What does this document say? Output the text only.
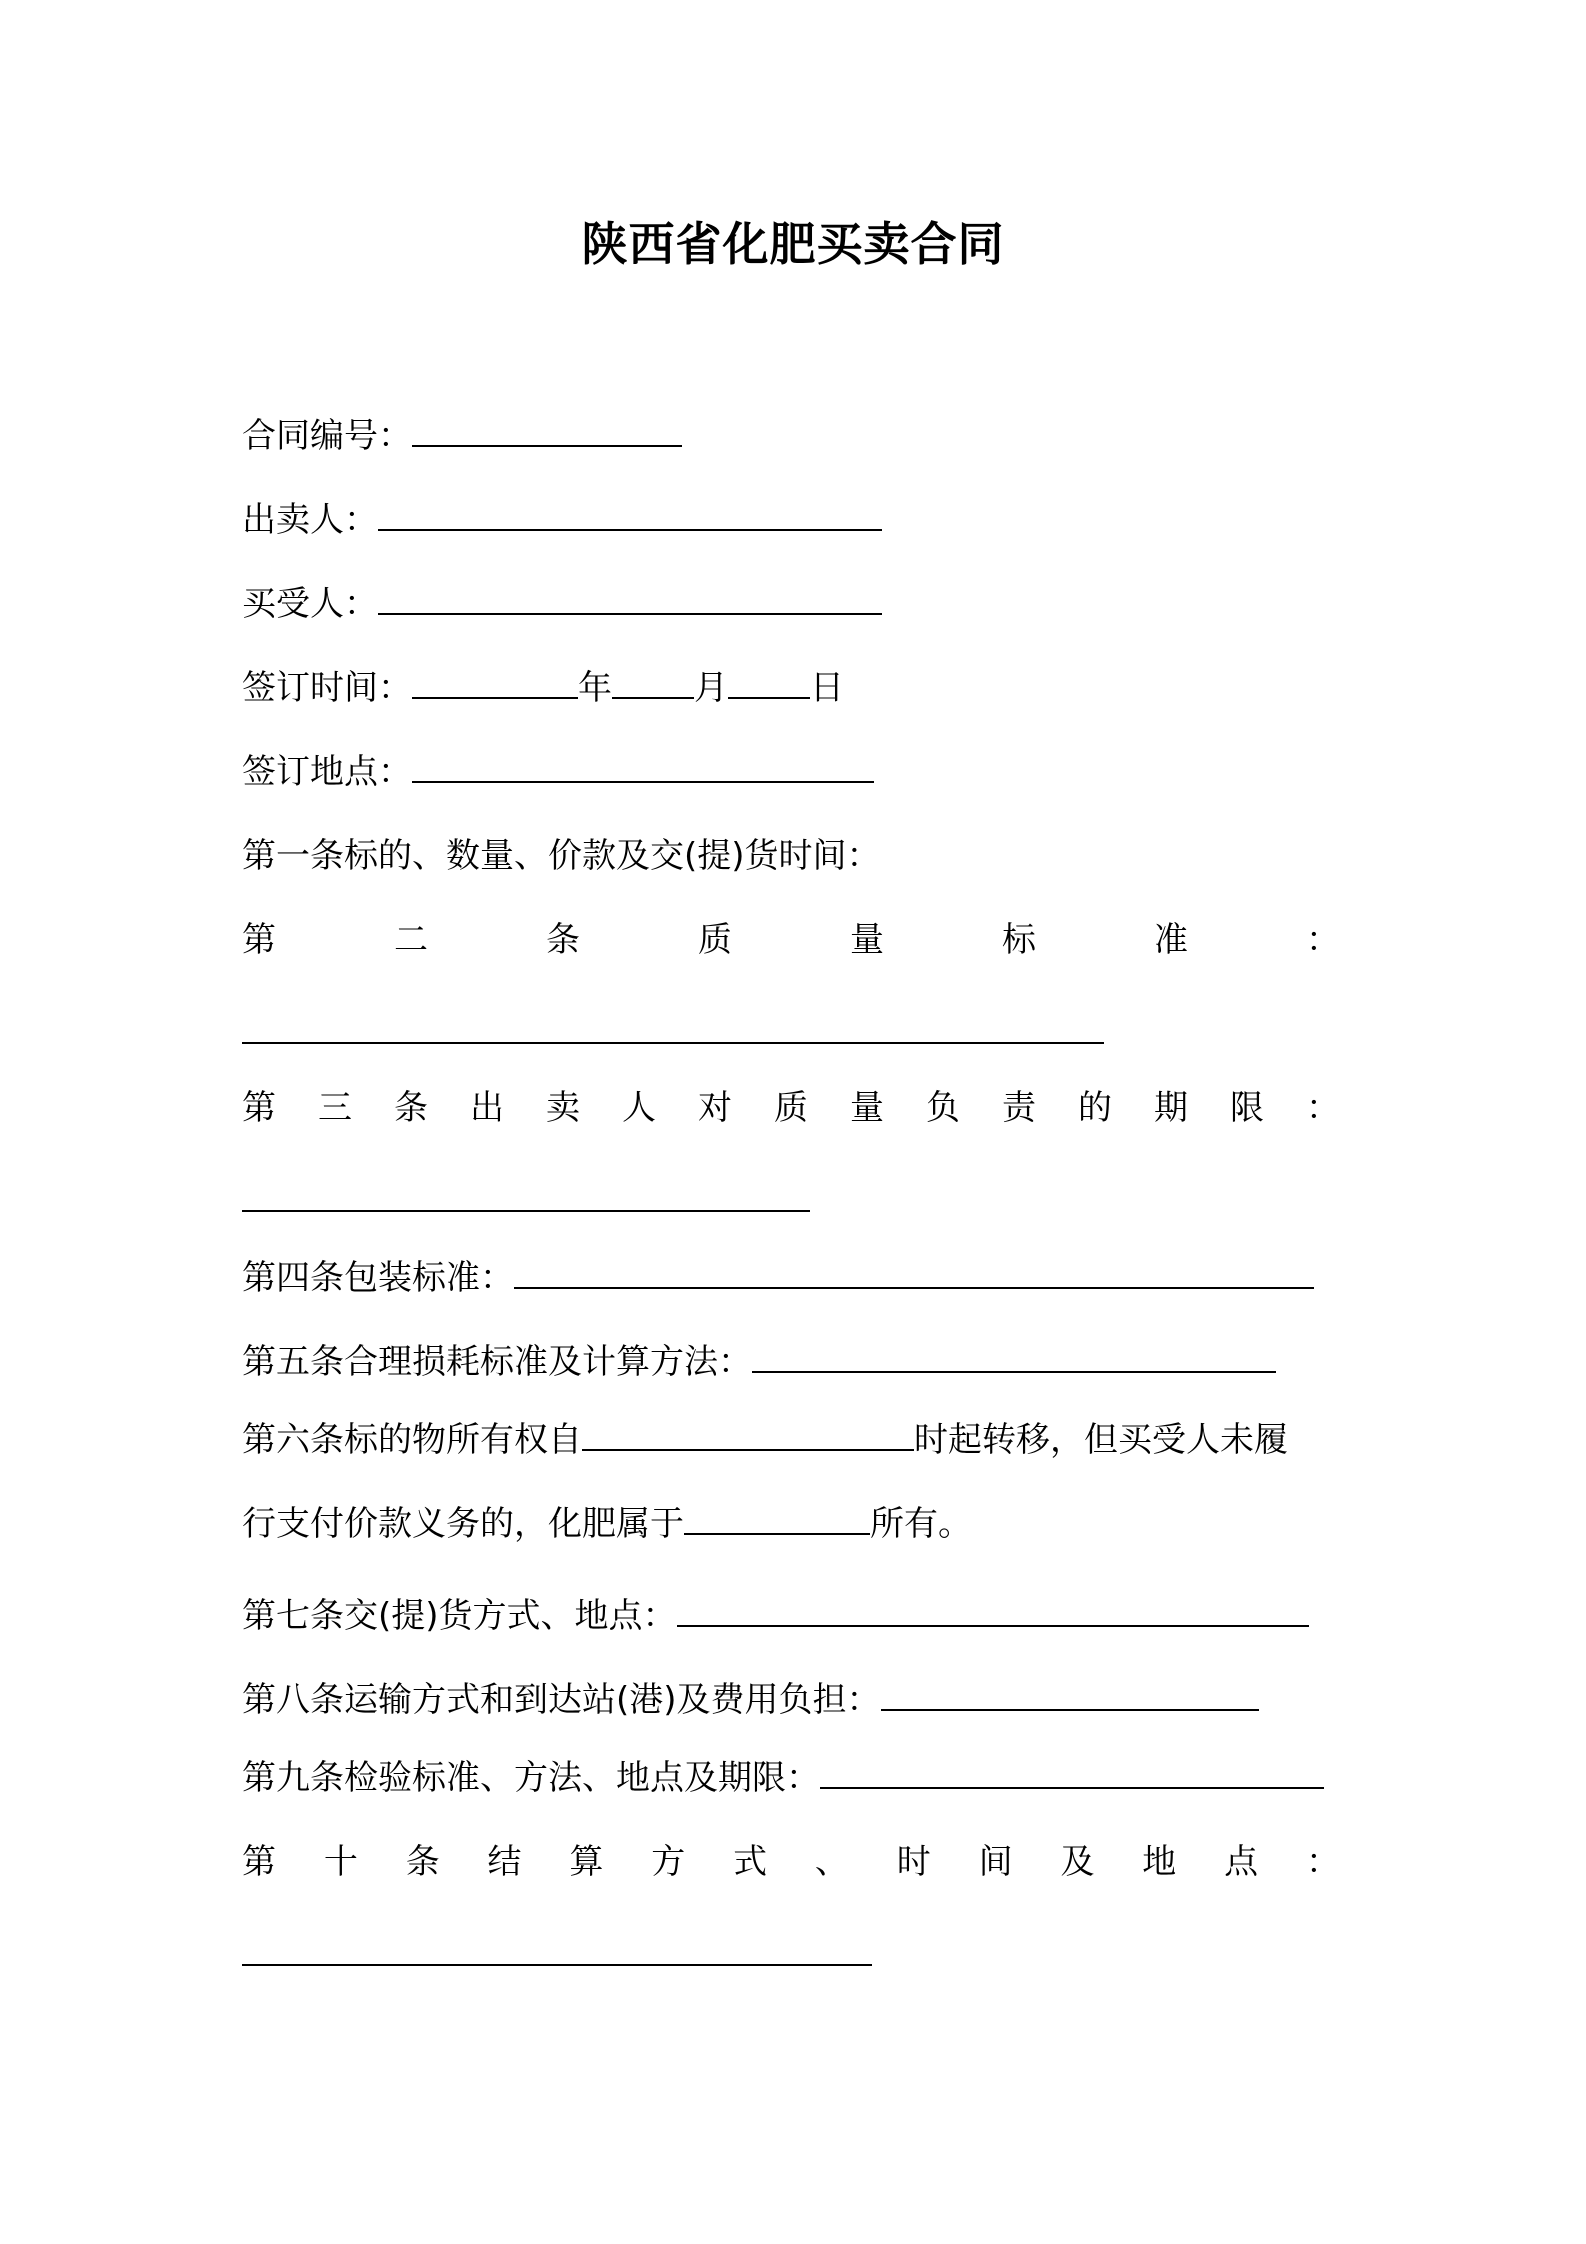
陕西省化肥买卖合同
合同编号：
出卖人：
买受人：
签订时间：	年 月 日
签订地点：
第一条标的、数量、价款及交(提)货时间：
第	二	条	质	量	标	准	：
第 三 条 出 卖 人 对 质 量 负 责 的 期 限 ：
第四条包装标准：
第五条合理损耗标准及计算方法：
第六条标的物所有权自	时起转移，但买受人未履
行支付价款义务的，化肥属于	所有。
第七条交(提)货方式、地点：
第八条运输方式和到达站(港)及费用负担：
第九条检验标准、方法、地点及期限：
第 十 条 结 算 方 式 、 时 间 及 地 点 ：
